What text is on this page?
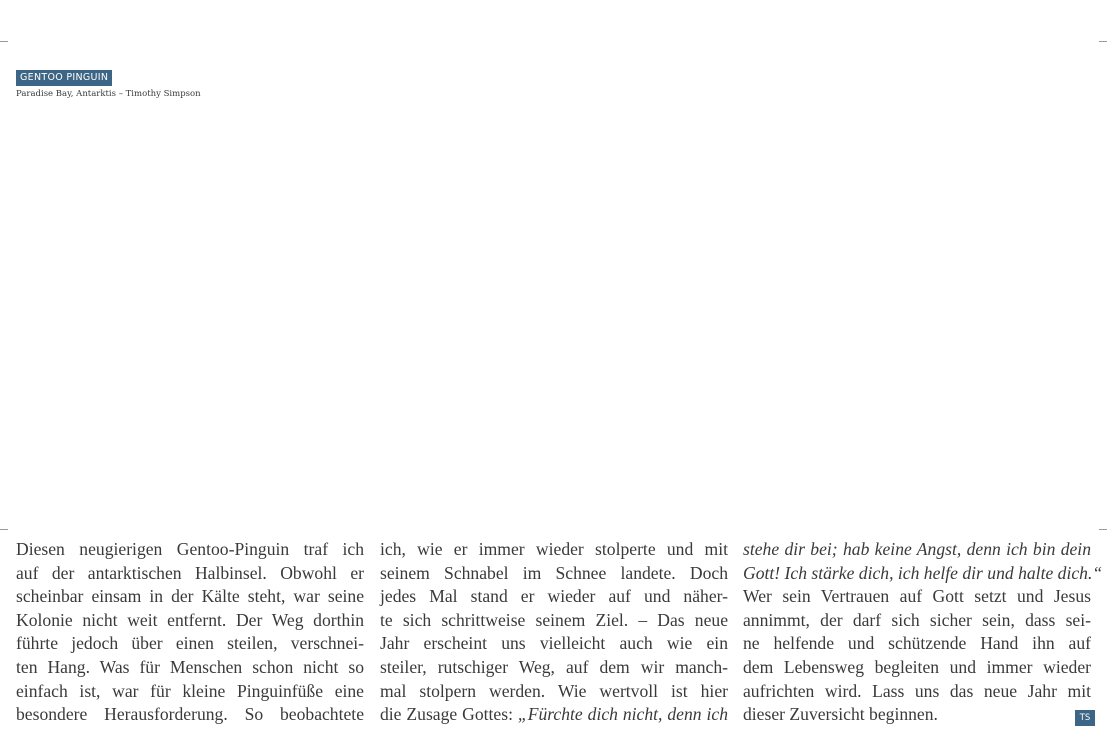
GENTOO PINGUIN
Paradise Bay, Antarktis – Timothy Simpson
Diesen neugierigen Gentoo-Pinguin traf ich
auf der antarktischen Halbinsel. Obwohl er
scheinbar einsam in der Kälte steht, war seine
Kolonie nicht weit entfernt. Der Weg dorthin
führte jedoch über einen steilen, verschnei-
ten Hang. Was für Menschen schon nicht so
einfach ist, war für kleine Pinguinfüße eine
besondere Herausforderung. So beobachtete
ich, wie er immer wieder stolperte und mit
seinem Schnabel im Schnee landete. Doch
jedes Mal stand er wieder auf und näher-
te sich schrittweise seinem Ziel. – Das neue
Jahr erscheint uns vielleicht auch wie ein
steiler, rutschiger Weg, auf dem wir manch-
mal stolpern werden. Wie wertvoll ist hier
die Zusage Gottes: „Fürchte dich nicht, denn ich
stehe dir bei; hab keine Angst, denn ich bin dein
Gott! Ich stärke dich, ich helfe dir und halte dich.“
Wer sein Vertrauen auf Gott setzt und Jesus
annimmt, der darf sich sicher sein, dass sei-
ne helfende und schützende Hand ihn auf
dem Lebensweg begleiten und immer wieder
aufrichten wird. Lass uns das neue Jahr mit
dieser Zuversicht beginnen.	TS
